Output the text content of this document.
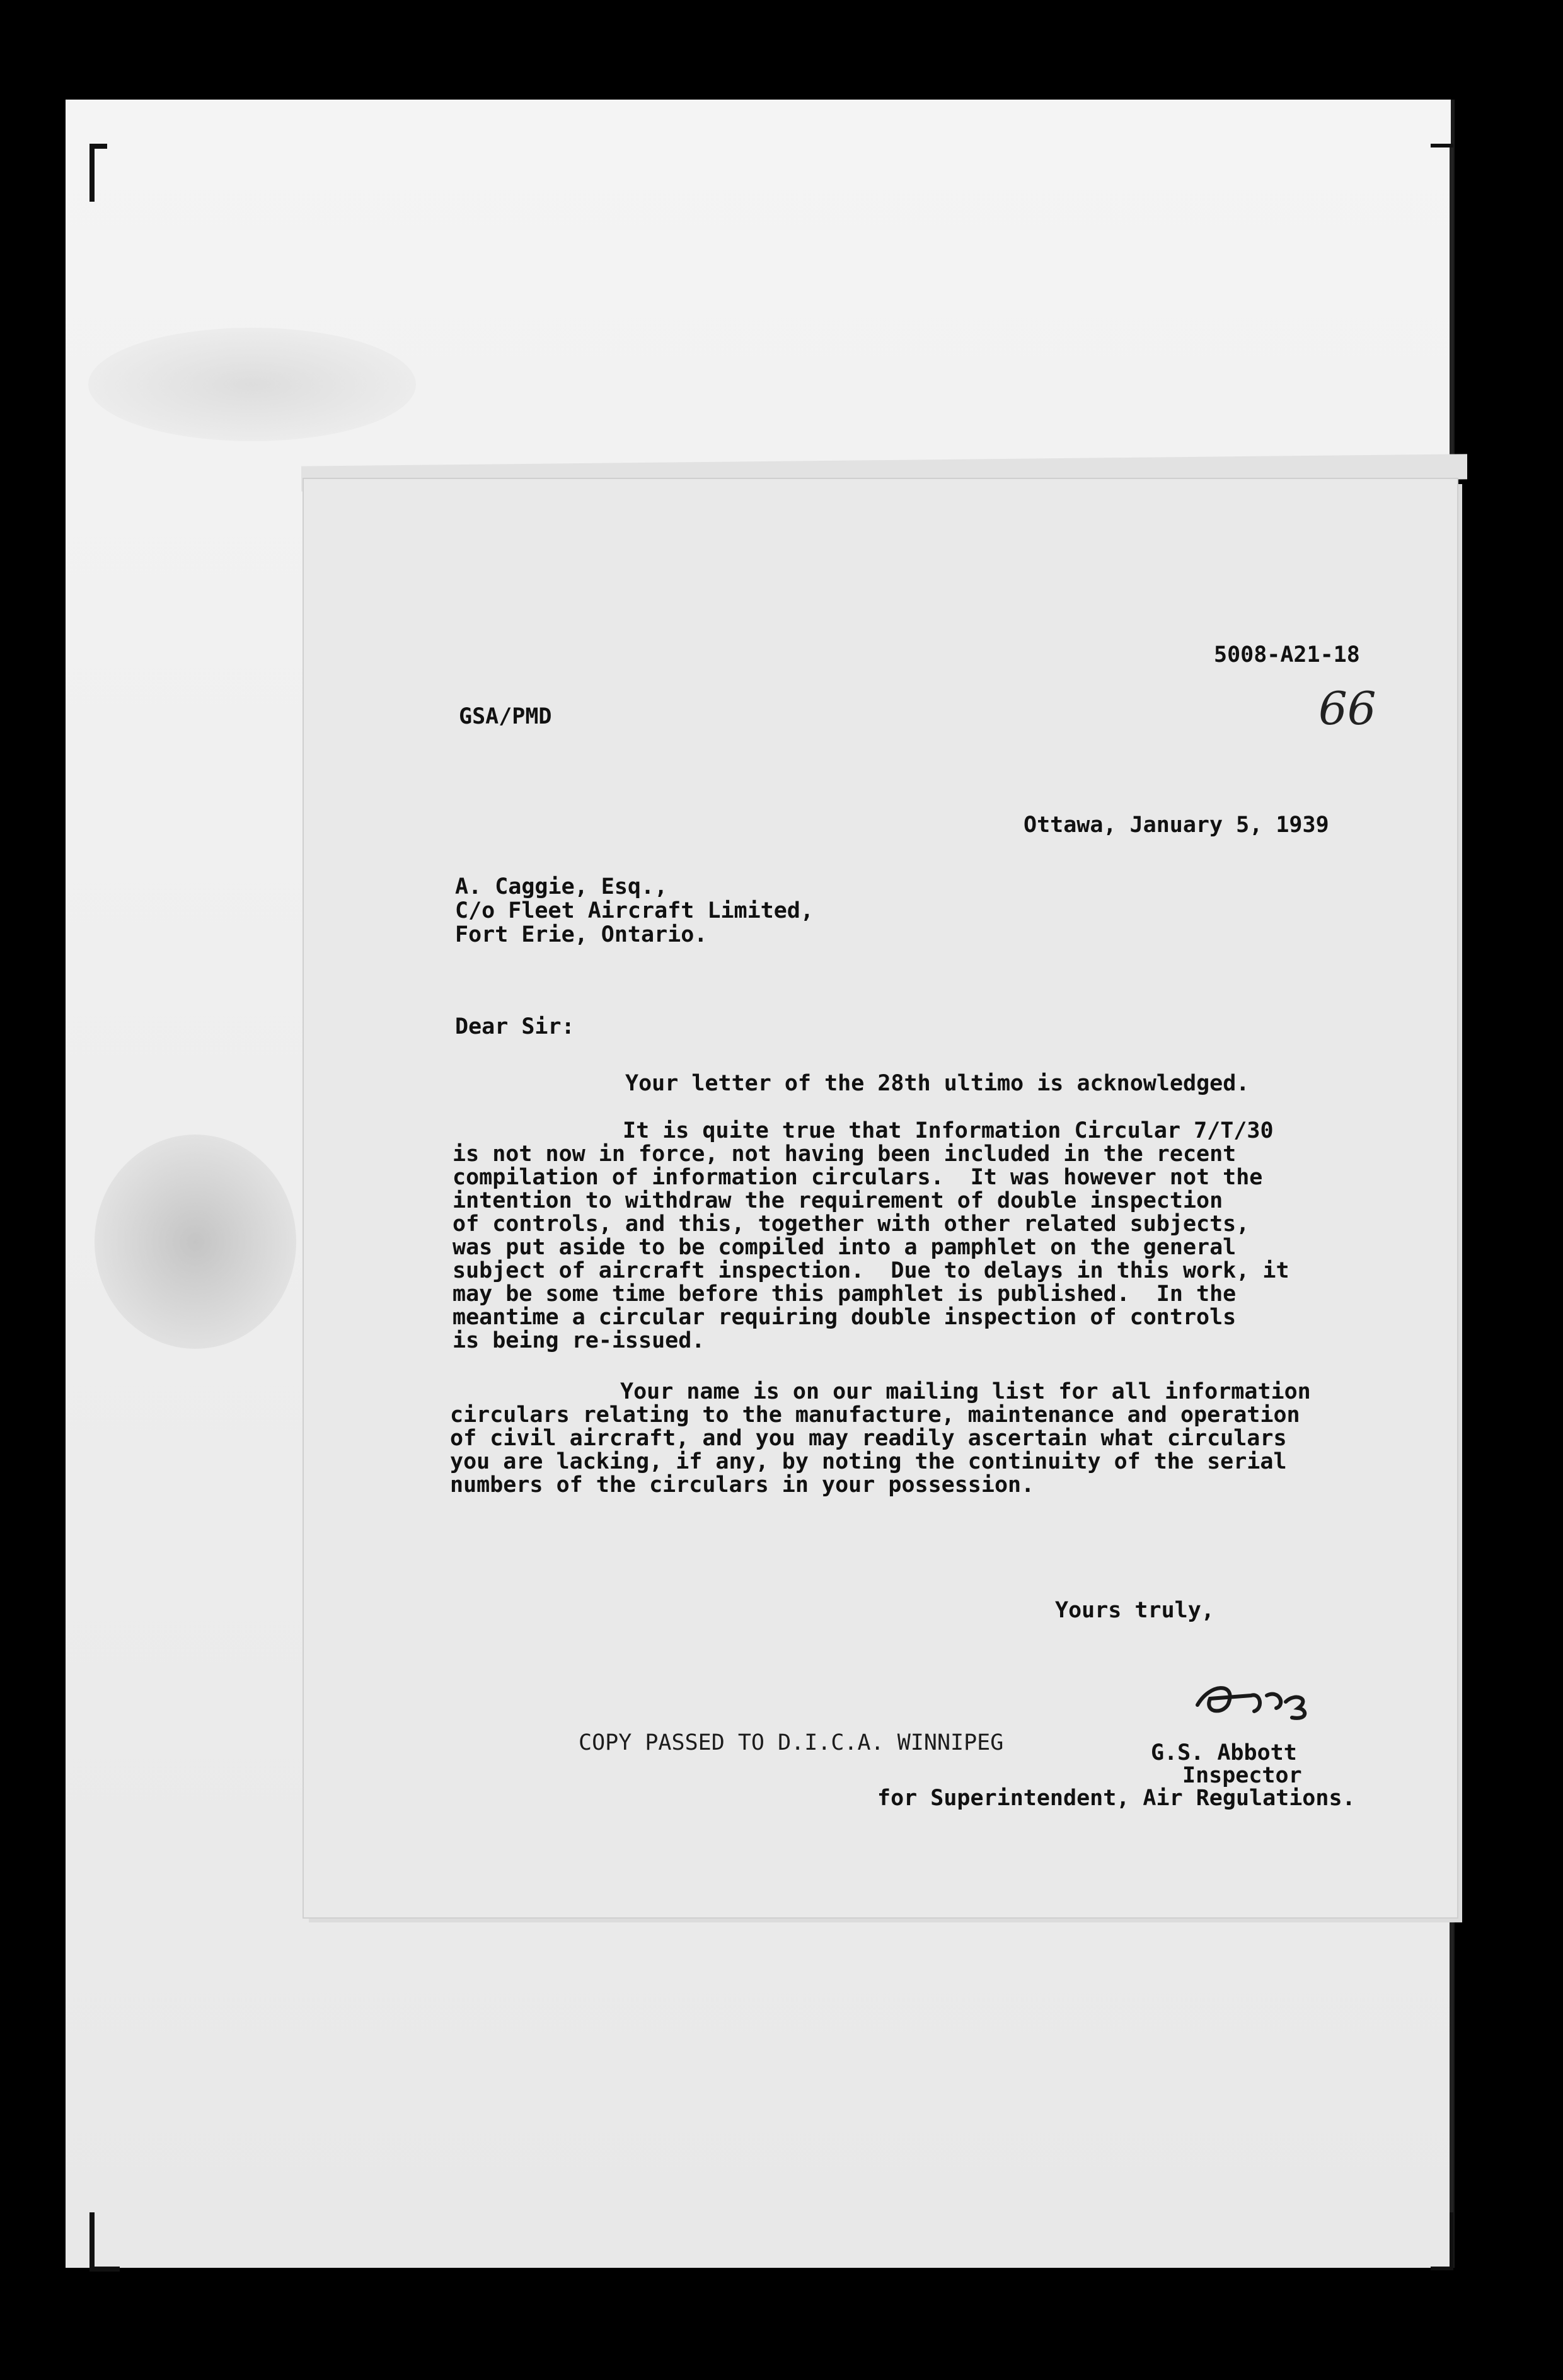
5008-A21-18
GSA/PMD	66
Ottawa, January 5, 1939
A. Caggie, Esq.,
C/o Fleet Aircraft Limited,
Fort Erie, Ontario.
Dear Sir:
Your letter of the 28th ultimo is acknowledged.
It is quite true that Information Circular 7/T/30
is not now in force, not having been included in the recent
compilation of information circulars.  It was however not the
intention to withdraw the requirement of double inspection
of controls, and this, together with other related subjects,
was put aside to be compiled into a pamphlet on the general
subject of aircraft inspection.  Due to delays in this work, it
may be some time before this pamphlet is published.  In the
meantime a circular requiring double inspection of controls
is being re-issued.
Your name is on our mailing list for all information
circulars relating to the manufacture, maintenance and operation
of civil aircraft, and you may readily ascertain what circulars
you are lacking, if any, by noting the continuity of the serial
numbers of the circulars in your possession.
Yours truly,
COPY PASSED TO D.I.C.A. WINNIPEG	G.S. Abbott
Inspector
for Superintendent, Air Regulations.
